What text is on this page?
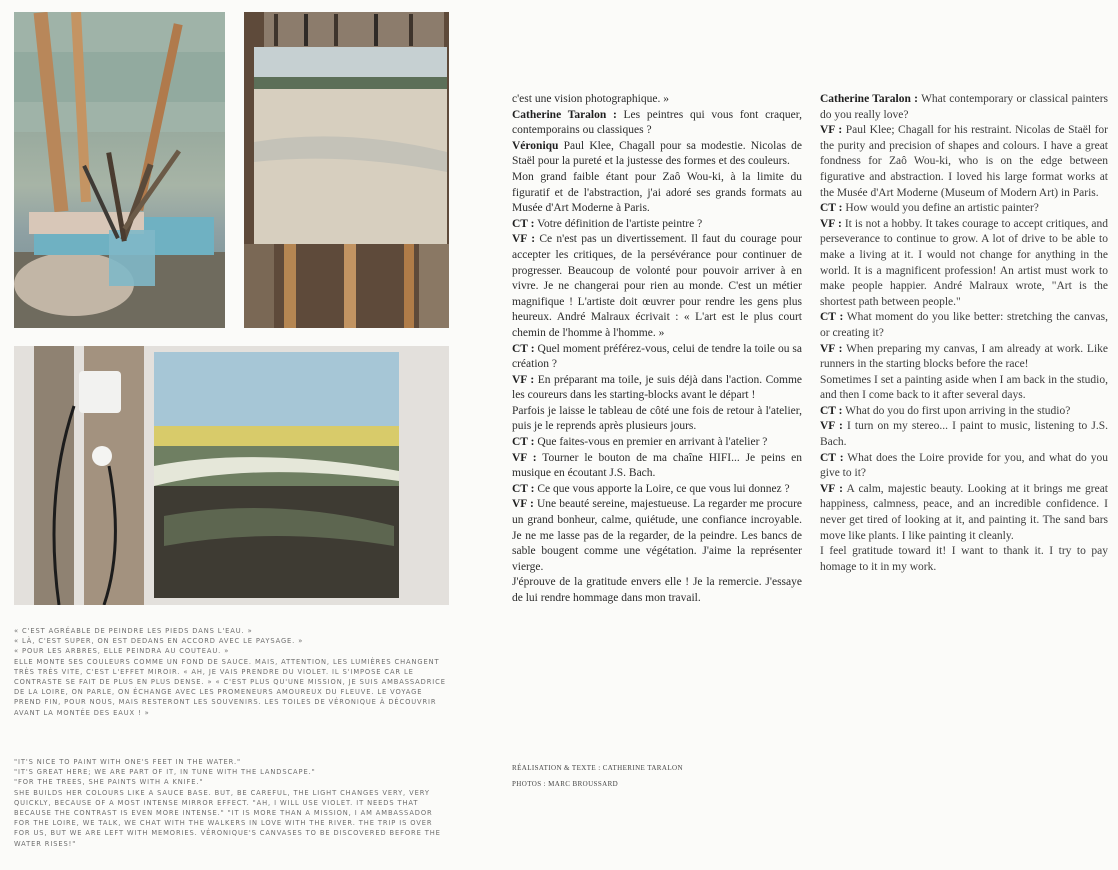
« C'EST AGRÉABLE DE PEINDRE LES PIEDS DANS L'EAU. »

« LÀ, C'EST SUPER, ON EST DEDANS EN ACCORD AVEC LE PAYSAGE. »

« POUR LES ARBRES, ELLE PEINDRA AU COUTEAU. »

ELLE MONTE SES COULEURS COMME UN FOND DE SAUCE. MAIS, ATTENTION, LES LUMIÈRES CHANGENT TRÈS TRÈS VITE, C'EST L'EFFET MIROIR. « AH, JE VAIS PRENDRE DU VIOLET. IL S'IMPOSE CAR LE CONTRASTE SE FAIT DE PLUS EN PLUS DENSE. » « C'EST PLUS QU'UNE MISSION, JE SUIS AMBASSADRICE DE LA LOIRE, ON PARLE, ON ÉCHANGE AVEC LES PROMENEURS AMOUREUX DU FLEUVE. LE VOYAGE PREND FIN, POUR NOUS, MAIS RESTERONT LES SOUVENIRS. LES TOILES DE VÉRONIQUE À DÉCOUVRIR AVANT LA MONTÉE DES EAUX ! »

"IT'S NICE TO PAINT WITH ONE'S FEET IN THE WATER."

"IT'S GREAT HERE; WE ARE PART OF IT, IN TUNE WITH THE LANDSCAPE."

"FOR THE TREES, SHE PAINTS WITH A KNIFE."

SHE BUILDS HER COLOURS LIKE A SAUCE BASE. BUT, BE CAREFUL, THE LIGHT CHANGES VERY, VERY QUICKLY, BECAUSE OF A MOST INTENSE MIRROR EFFECT. "AH, I WILL USE VIOLET. IT NEEDS THAT BECAUSE THE CONTRAST IS EVEN MORE INTENSE." "IT IS MORE THAN A MISSION, I AM AMBASSADOR FOR THE LOIRE, WE TALK, WE CHAT WITH THE WALKERS IN LOVE WITH THE RIVER. THE TRIP IS OVER FOR US, BUT WE ARE LEFT WITH MEMORIES. VÉRONIQUE'S CANVASES TO BE DISCOVERED BEFORE THE WATER RISES!"

c'est une vision photographique. »

Catherine Taralon : Les peintres qui vous font craquer, contemporains ou classiques ?

Véroniqu Paul Klee, Chagall pour sa modestie. Nicolas de Staël pour la pureté et la justesse des formes et des couleurs.

Mon grand faible étant pour Zaô Wou-ki, à la limite du figuratif et de l'abstraction, j'ai adoré ses grands formats au Musée d'Art Moderne à Paris.

CT : Votre définition de l'artiste peintre ?

VF : Ce n'est pas un divertissement. Il faut du courage pour accepter les critiques, de la persévérance pour continuer de progresser. Beaucoup de volonté pour pouvoir arriver à en vivre. Je ne changerai pour rien au monde. C'est un métier magnifique ! L'artiste doit œuvrer pour rendre les gens plus heureux. André Malraux écrivait : « L'art est le plus court chemin de l'homme à l'homme. »

CT : Quel moment préférez-vous, celui de tendre la toile ou sa création ?

VF : En préparant ma toile, je suis déjà dans l'action. Comme les coureurs dans les starting-blocks avant le départ !

Parfois je laisse le tableau de côté une fois de retour à l'atelier, puis je le reprends après plusieurs jours.

CT : Que faites-vous en premier en arrivant à l'atelier ?

VF : Tourner le bouton de ma chaîne HIFI... Je peins en musique en écoutant J.S. Bach.

CT : Ce que vous apporte la Loire, ce que vous lui donnez ?

VF : Une beauté sereine, majestueuse. La regarder me procure un grand bonheur, calme, quiétude, une confiance incroyable. Je ne me lasse pas de la regarder, de la peindre. Les bancs de sable bougent comme une végétation. J'aime la représenter vierge.

J'éprouve de la gratitude envers elle ! Je la remercie. J'essaye de lui rendre hommage dans mon travail.

Catherine Taralon : What contemporary or classical painters do you really love?

VF : Paul Klee; Chagall for his restraint. Nicolas de Staël for the purity and precision of shapes and colours. I have a great fondness for Zaô Wou-ki, who is on the edge between figurative and abstraction. I loved his large format works at the Musée d'Art Moderne (Museum of Modern Art) in Paris.

CT : How would you define an artistic painter?

VF : It is not a hobby. It takes courage to accept critiques, and perseverance to continue to grow. A lot of drive to be able to make a living at it. I would not change for anything in the world. It is a magnificent profession! An artist must work to make people happier. André Malraux wrote, "Art is the shortest path between people."

CT : What moment do you like better: stretching the canvas, or creating it?

VF : When preparing my canvas, I am already at work. Like runners in the starting blocks before the race!

Sometimes I set a painting aside when I am back in the studio, and then I come back to it after several days.

CT : What do you do first upon arriving in the studio?

VF : I turn on my stereo... I paint to music, listening to J.S. Bach.

CT : What does the Loire provide for you, and what do you give to it?

VF : A calm, majestic beauty. Looking at it brings me great happiness, calmness, peace, and an incredible confidence. I never get tired of looking at it, and painting it. The sand bars move like plants. I like painting it cleanly.

I feel gratitude toward it! I want to thank it. I try to pay homage to it in my work.

RÉALISATION & TEXTE : CATHERINE TARALON

PHOTOS : MARC BROUSSARD
